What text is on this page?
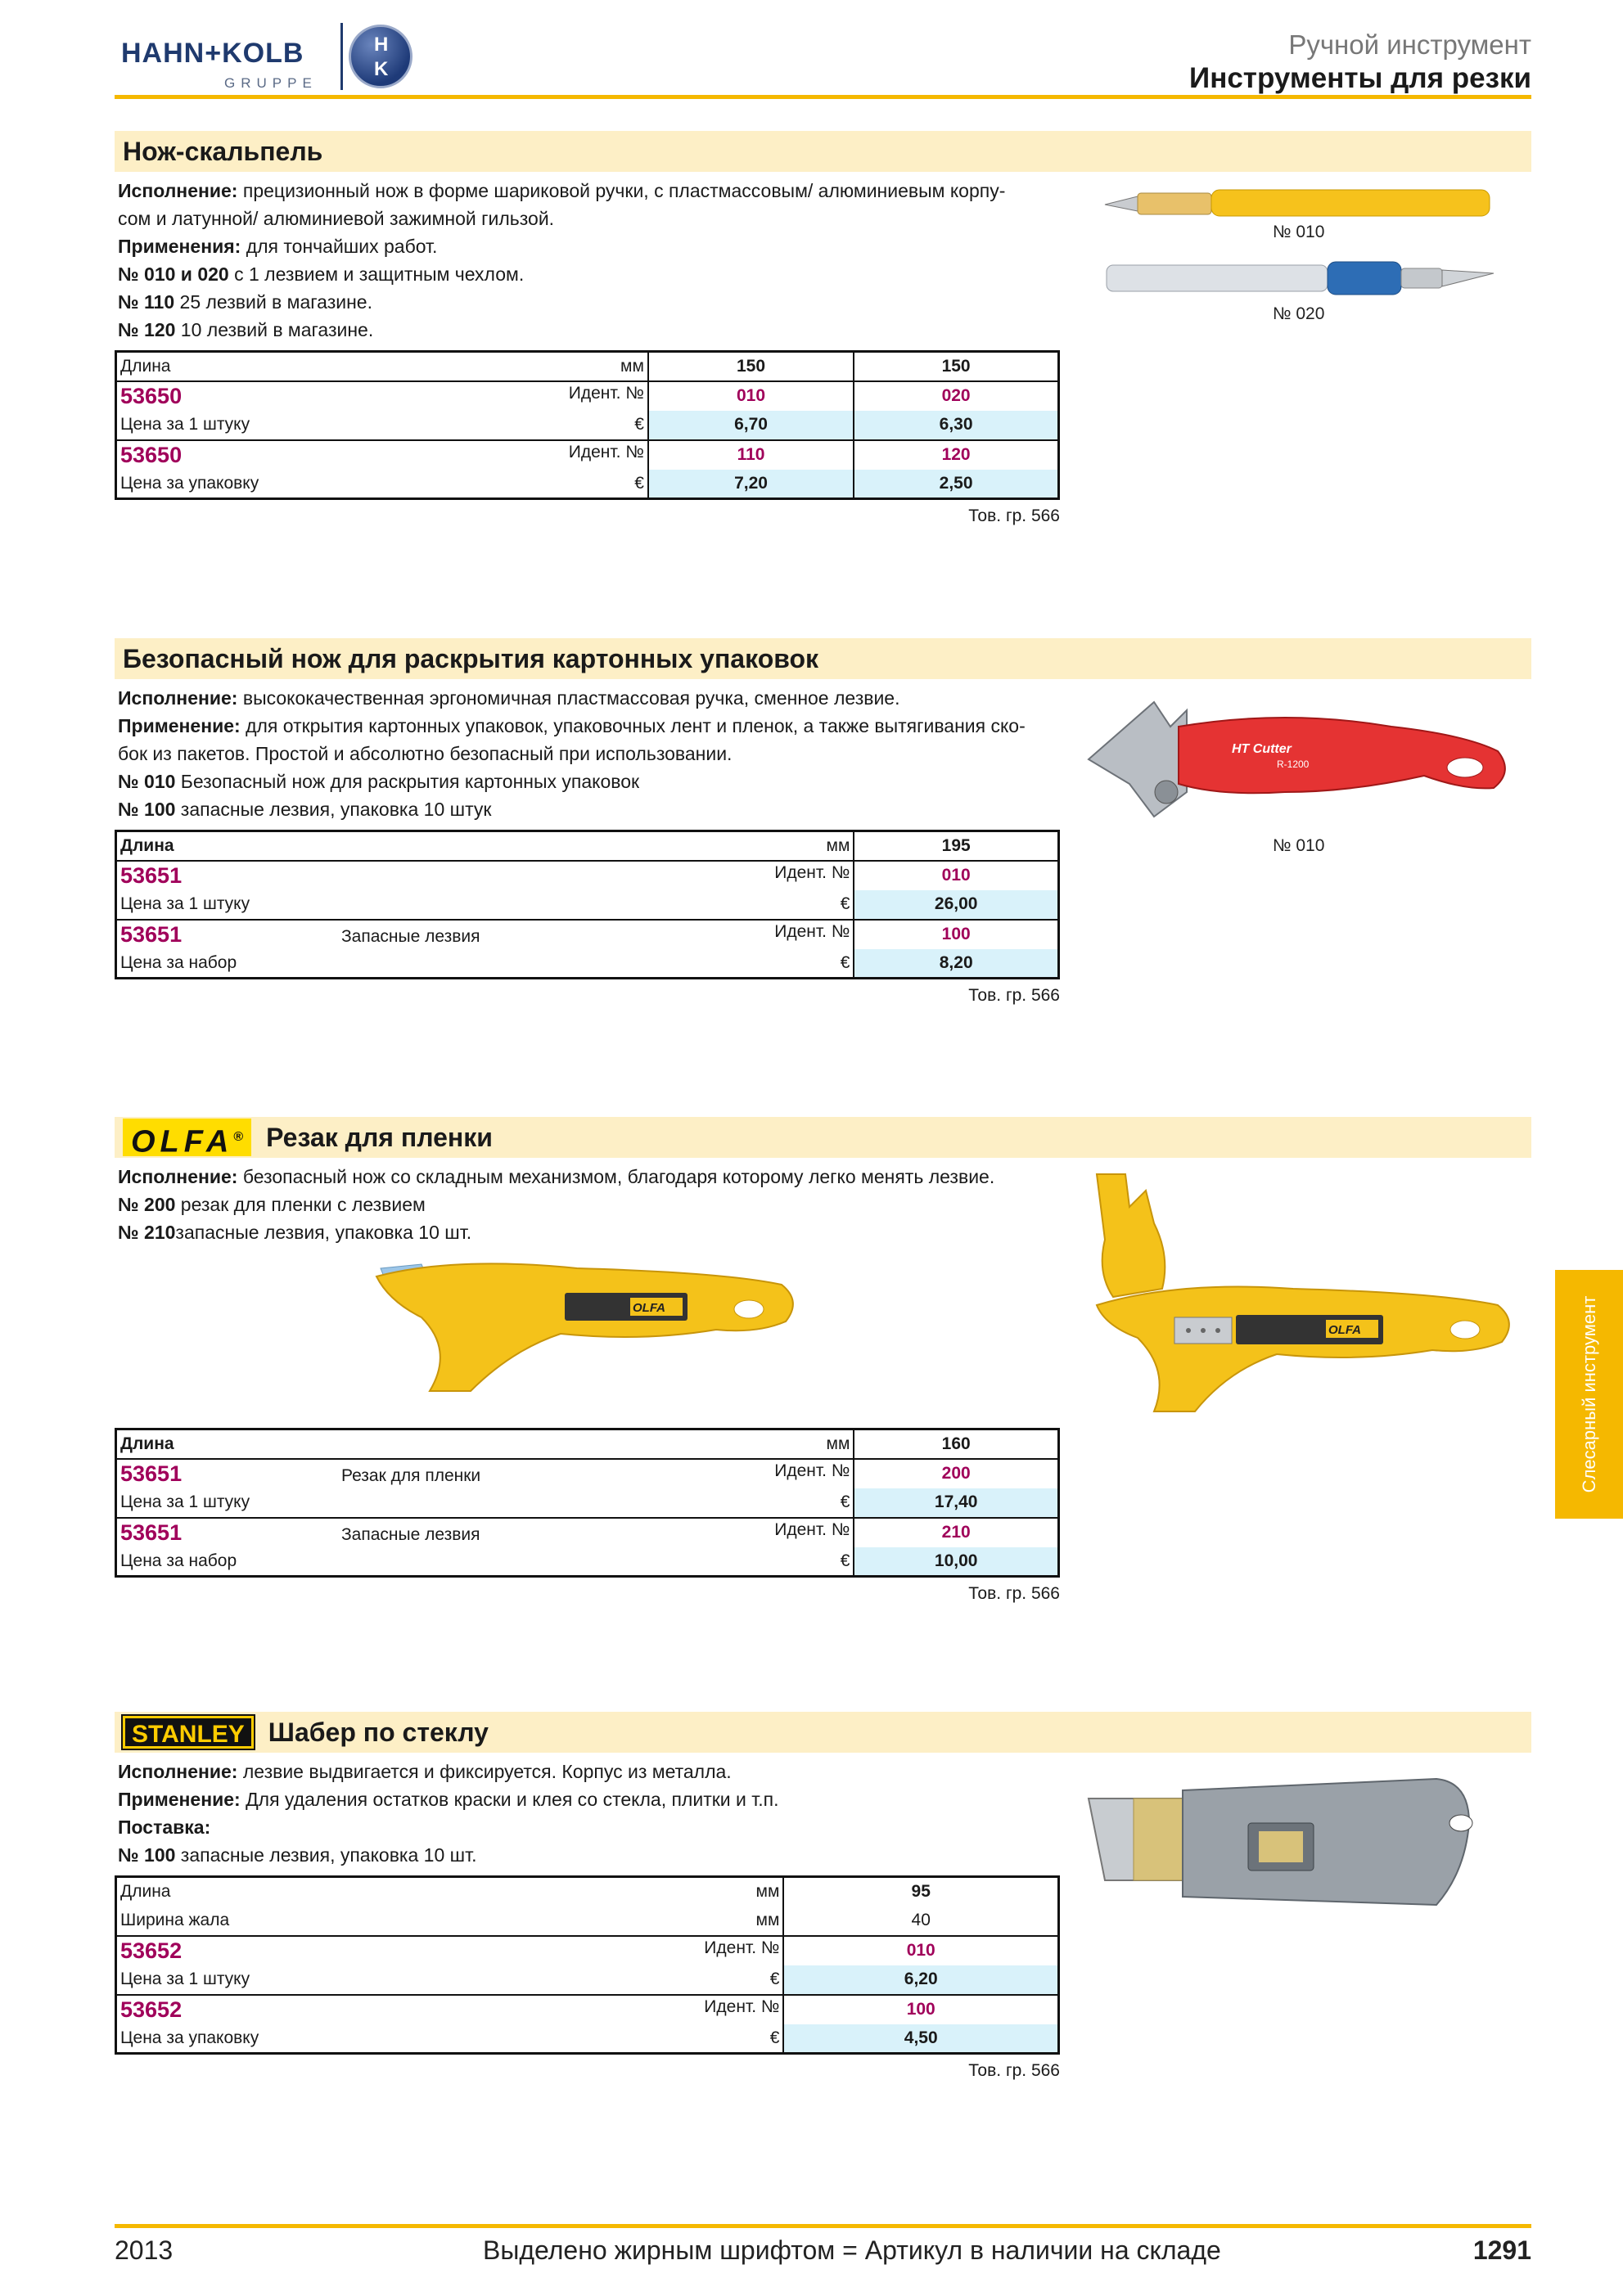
HAHN+KOLB
GRUPPE
H
K
Ручной инструмент
Инструменты для резки
Нож-скальпель

Исполнение: прецизионный нож в форме шариковой ручки, с пластмассовым/ алюминиевым корпу-

сом и латунной/ алюминиевой зажимной гильзой.

Применения: для тончайших работ.

№ 010 и 020 с 1 лезвием и защитным чехлом.

№ 110 25 лезвий в магазине.

№ 120 10 лезвий в магазине.

Длина мм	150	150
53650 Идент. №	010	020
Цена за 1 штуку €	6,70	6,30
53650 Идент. №	110	120
Цена за упаковку €	7,20	2,50
Тов. гр. 566
№ 010
№ 020
Безопасный нож для раскрытия картонных упаковок

Исполнение: высококачественная эргономичная пластмассовая ручка, сменное лезвие.

Применение: для открытия картонных упаковок, упаковочных лент и пленок, а также вытягивания ско-

бок из пакетов. Простой и абсолютно безопасный при использовании.

№ 010 Безопасный нож для раскрытия картонных упаковок

№ 100 запасные лезвия, упаковка 10 штук

Длина мм	195
53651 Идент. №	010
Цена за 1 штуку €	26,00
53651 Запасные лезвия Идент. №	100
Цена за набор €	8,20
Тов. гр. 566
HT Cutter
R-1200
№ 010
OLFA® Резак для пленки

Исполнение: безопасный нож со складным механизмом, благодаря которому легко менять лезвие.

№ 200 резак для пленки с лезвием

№ 210запасные лезвия, упаковка 10 шт.

Длина мм	160
53651 Резак для пленки Идент. №	200
Цена за 1 штуку €	17,40
53651 Запасные лезвия Идент. №	210
Цена за набор €	10,00
Тов. гр. 566
OLFA
OLFA
STANLEY Шабер по стеклу

Исполнение: лезвие выдвигается и фиксируется. Корпус из металла.

Применение: Для удаления остатков краски и клея со стекла, плитки и т.п.

Поставка:

№ 100 запасные лезвия, упаковка 10 шт.

Длина мм	95
Ширина жала мм	40
53652 Идент. №	010
Цена за 1 штуку €	6,20
53652 Идент. №	100
Цена за упаковку €	4,50
Тов. гр. 566
Слесарный инструмент
2013	Выделено жирным шрифтом = Артикул в наличии на складе	1291
